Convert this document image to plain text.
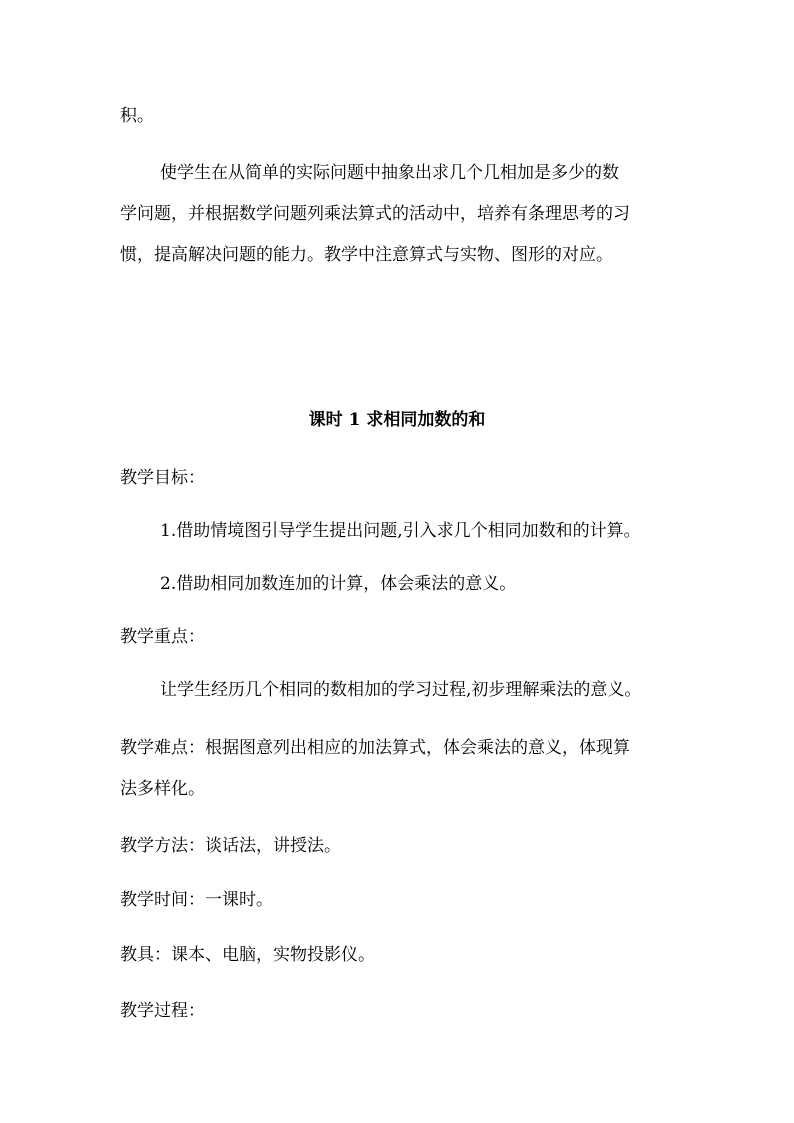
积。

使学生在从简单的实际问题中抽象出求几个几相加是多少的数

学问题，并根据数学问题列乘法算式的活动中，培养有条理思考的习

惯，提高解决问题的能力。教学中注意算式与实物、图形的对应。

课时 1 求相同加数的和

教学目标：

1.借助情境图引导学生提出问题,引入求几个相同加数和的计算。

2.借助相同加数连加的计算，体会乘法的意义。

教学重点：

让学生经历几个相同的数相加的学习过程,初步理解乘法的意义。

教学难点：根据图意列出相应的加法算式，体会乘法的意义，体现算

法多样化。

教学方法：谈话法，讲授法。

教学时间：一课时。

教具：课本、电脑，实物投影仪。

教学过程：
